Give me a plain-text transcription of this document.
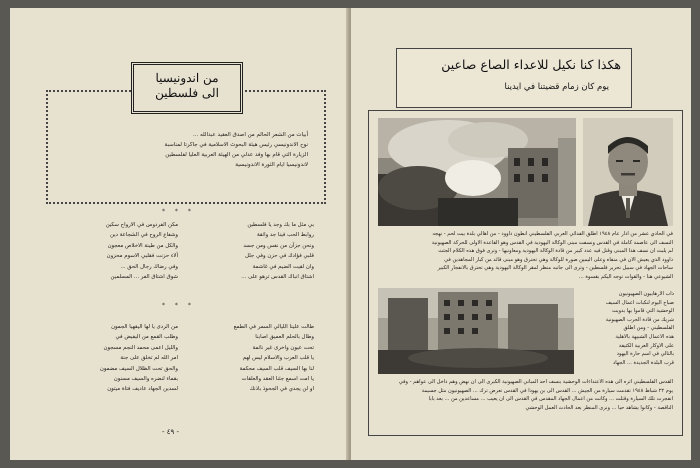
من اندونيسيا
الى فلسطين
أبيات من الشعر الحالم من اصدق العقيد عبدالله ...
نوح الاندونيسي رئيس هيئة البحوث الاسلامية في جاكرتا لمناسبة
الزيارة التي قام بها وفد عدلي من الهيئة العربية العليا لفلسطين
لاندونيسيا ايام الثورة الاندونيسية
* * *
بي مثل ما بك وجد يا فلسطين
روابط الحب فينا جد وائقة
ونحن جزآن من نفس ومن جسد
قلبي فؤادك في حزن وفي جلل
وان لقيت الضيم في غاشمة
اشتاق انباك القدس ترهو على ...
مكن الفردوس في الارواح سكين
وشفاع الروح في الشجاعة دين
والكل من طينة الاخلاص معجون
آلاء حزنت فقلبي الاسوم محزون
وفي رضاك رجال الحق ...
شوق اشتاق الفر ... المسلمين
* * *
طالت علينا الليالي السمر في الطمع
وطال بالحلم العميق اصابنا
تحت عيون واخرى غير نائمة
يا قلب العرب والاسلام ليس لهم
لنا بها السيف قلب السيف محكمة
يا امت اسمع جئنا العقد والعلقات
او لن يجدي في الجحوذ باذنك
من الردى يا لها اليقهيا الجمون
وطلب القمع من اليفيض في
والليل اعمى محمد النجم مسجون
امر الله لم تخلق على جنة
والحق تحت الظلال السيف مضمون
بقماء لنضره والسيف مسنون
لسدين الجهاد عاديف فتاة ميتون
- ٤٩ -
هكذا كنا نكيل للاعداء الصاع صاعين
يوم كان زمام قضيتنا في ايدينا
في الحادي عشر من اذار عام ١٩٤٨ اطلق الفدائي العربي الفلسطيني انطون داوود - من اهالي بلدة بيت لحم - نهجه
النسف الى عاصمة كاملة في القدس ونسفت مبنى الوكالة اليهودية في القدس وهو القاعدة الاولى للحركة الصهيونية
لم يلبث ان نسف هذا المبنى وقتل فيه عدد كبير من قادة الوكالة اليهودية ومعاونيها - وترى فوق هذه الكلام الجثث
داوود الذي يعيش الان في منفاه وعلى اليمين صورة للوكالة وهي تحترق وهو مبنى قائد من كبار المجاهدين في
ساحات الجهاد في سبيل تحرير فلسطين - وترى الى جانبه منظر لمقر الوكالة اليهودية وهي تحترق بالانفجار الكبير
الشيوعي هنا - والقوات توجه اليكم بقسوة ...
ذاب الارهابيون الصهيونيون
صباح اليوم لنكبات اعمال السيف
الوحشية التي قاموا بها بدويت
شريك من قادة الحرب الصهيونية
الفلسطيني - ومن اطلق
هذه الاعمال الشبيهة بالاهلية
على الاوكار العربية الكثيفة
بالتالي في اسم حارة اليهود
قرب البلدة الجديدة ... الجهاد
القدس الفلسطيني اثره الى هذه الاعتداءات الوحشية بنسف احد المباني الصهيونية الكبرى الى ان نهض وهم داخل الى عواهم - وفي
يوم ٢٢ شباط ١٩٤٨ تقدمت سيارة من الجيش ... القدس الى بن يهودا في القدس تعرض ترك ... الصهيونيون مثل جسيمة
انفجرت تلك السيارة وقتلت ... وكانت من اعمال الجهاد المقدس في القدس الى ان يعيب ... مساعدين من ... بعد بابا
الناقصة - وكانوا يشاهد حيا ... ونرى المنظر بعد الحادث العمل الوحشي
